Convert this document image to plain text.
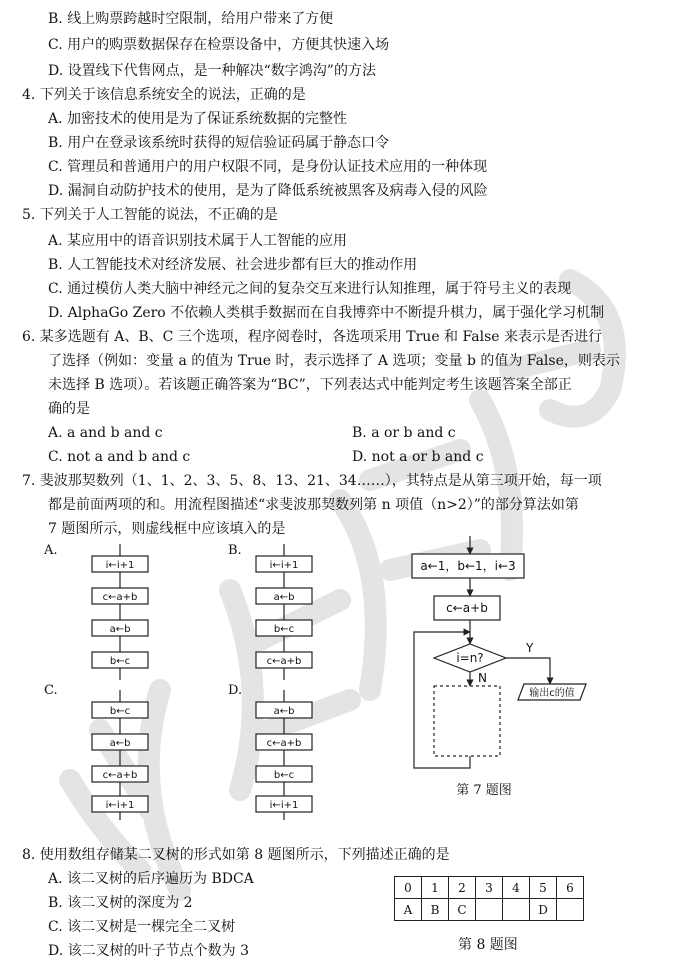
B. 线上购票跨越时空限制，给用户带来了方便
C. 用户的购票数据保存在检票设备中，方便其快速入场
D. 设置线下代售网点，是一种解决“数字鸿沟”的方法
4. 下列关于该信息系统安全的说法，正确的是
A. 加密技术的使用是为了保证系统数据的完整性
B. 用户在登录该系统时获得的短信验证码属于静态口令
C. 管理员和普通用户的用户权限不同，是身份认证技术应用的一种体现
D. 漏洞自动防护技术的使用，是为了降低系统被黑客及病毒入侵的风险
5. 下列关于人工智能的说法，不正确的是
A. 某应用中的语音识别技术属于人工智能的应用
B. 人工智能技术对经济发展、社会进步都有巨大的推动作用
C. 通过模仿人类大脑中神经元之间的复杂交互来进行认知推理，属于符号主义的表现
D. AlphaGo Zero 不依赖人类棋手数据而在自我博弈中不断提升棋力，属于强化学习机制
6. 某多选题有 A、B、C 三个选项，程序阅卷时，各选项采用 True 和 False 来表示是否进行
了选择（例如：变量 a 的值为 True 时，表示选择了 A 选项；变量 b 的值为 False，则表示
未选择 B 选项）。若该题正确答案为“BC”，下列表达式中能判定考生该题答案全部正
确的是
A. a and b and c	B. a or b and c
C. not a and b and c	D. not a or b and c
7. 斐波那契数列（1、1、2、3、5、8、13、21、34……），其特点是从第三项开始，每一项
都是前面两项的和。用流程图描述“求斐波那契数列第 n 项值（n>2）”的部分算法如第
7 题图所示，则虚线框中应该填入的是
A.
i←i+1
c←a+b
a←b
b←c
B.
i←i+1
a←b
b←c
c←a+b
C.
b←c
a←b
c←a+b
i←i+1
D.
a←b
c←a+b
b←c
i←i+1
a←1，b←1，i←3
c←a+b
i=n?
Y
输出c的值
N
第 7 题图
8. 使用数组存储某二叉树的形式如第 8 题图所示，下列描述正确的是
A. 该二叉树的后序遍历为 BDCA
B. 该二叉树的深度为 2
C. 该二叉树是一棵完全二叉树
D. 该二叉树的叶子节点个数为 3
0	1	2	3	4	5	6
A	B	C			D	
第 8 题图
